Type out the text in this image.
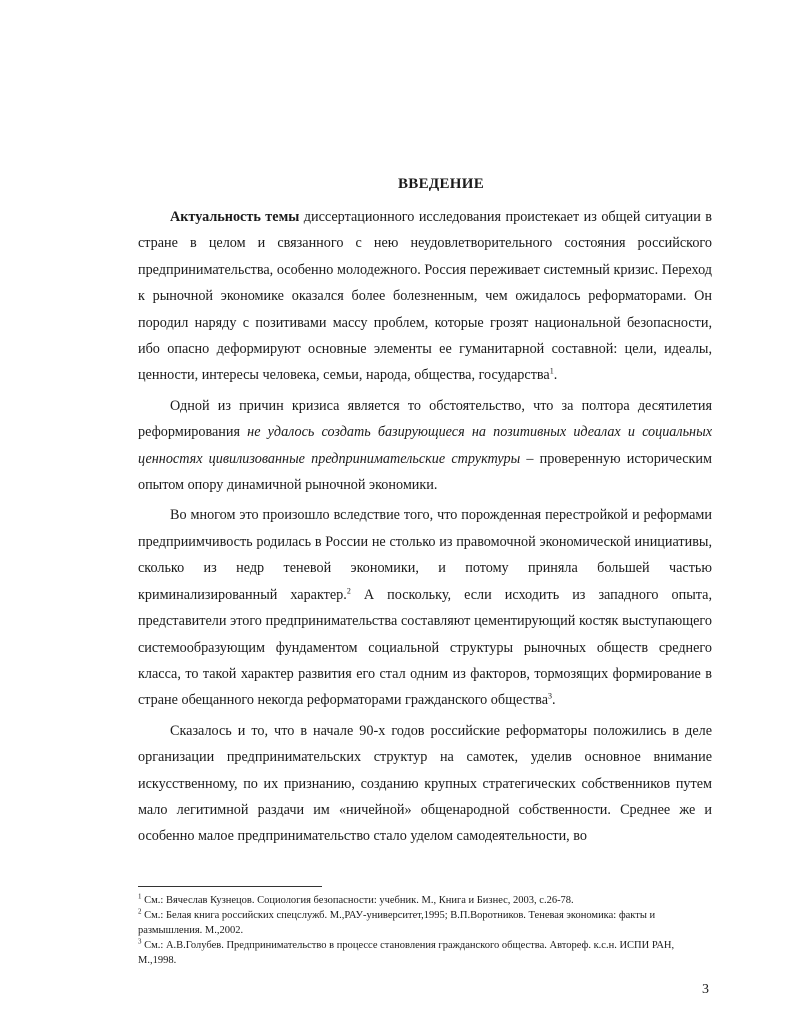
ВВЕДЕНИЕ

Актуальность темы диссертационного исследования проистекает из общей ситуации в стране в целом и связанного с нею неудовлетворительного состояния российского предпринимательства, особенно молодежного. Россия переживает системный кризис. Переход к рыночной экономике оказался более болезненным, чем ожидалось реформаторами. Он породил наряду с позитивами массу проблем, которые грозят национальной безопасности, ибо опасно деформируют основные элементы ее гуманитарной составной: цели, идеалы, ценности, интересы человека, семьи, народа, общества, государства$^1$.

Одной из причин кризиса является то обстоятельство, что за полтора десятилетия реформирования не удалось создать базирующиеся на позитивных идеалах и социальных ценностях цивилизованные предпринимательские структуры – проверенную историческим опытом опору динамичной рыночной экономики.

Во многом это произошло вследствие того, что порожденная перестройкой и реформами предприимчивость родилась в России не столько из правомочной экономической инициативы, сколько из недр теневой экономики, и потому приняла большей частью криминализированный характер.$^2$ А поскольку, если исходить из западного опыта, представители этого предпринимательства составляют цементирующий костяк выступающего системообразующим фундаментом социальной структуры рыночных обществ среднего класса, то такой характер развития его стал одним из факторов, тормозящих формирование в стране обещанного некогда реформаторами гражданского общества$^3$.

Сказалось и то, что в начале 90-х годов российские реформаторы положились в деле организации предпринимательских структур на самотек, уделив основное внимание искусственному, по их признанию, созданию крупных стратегических собственников путем мало легитимной раздачи им «ничейной» общенародной собственности. Среднее же и особенно малое предпринимательство стало уделом самодеятельности, во

$^1$ См.: Вячеслав Кузнецов. Социология безопасности: учебник. М., Книга и Бизнес, 2003, с.26-78.

$^2$ См.: Белая книга российских спецслужб. М.,РАУ-университет,1995; В.П.Воротников. Теневая экономика: факты и размышления. М.,2002.

$^3$ См.: А.В.Голубев. Предпринимательство в процессе становления гражданского общества. Автореф. к.с.н. ИСПИ РАН, М.,1998.

3
